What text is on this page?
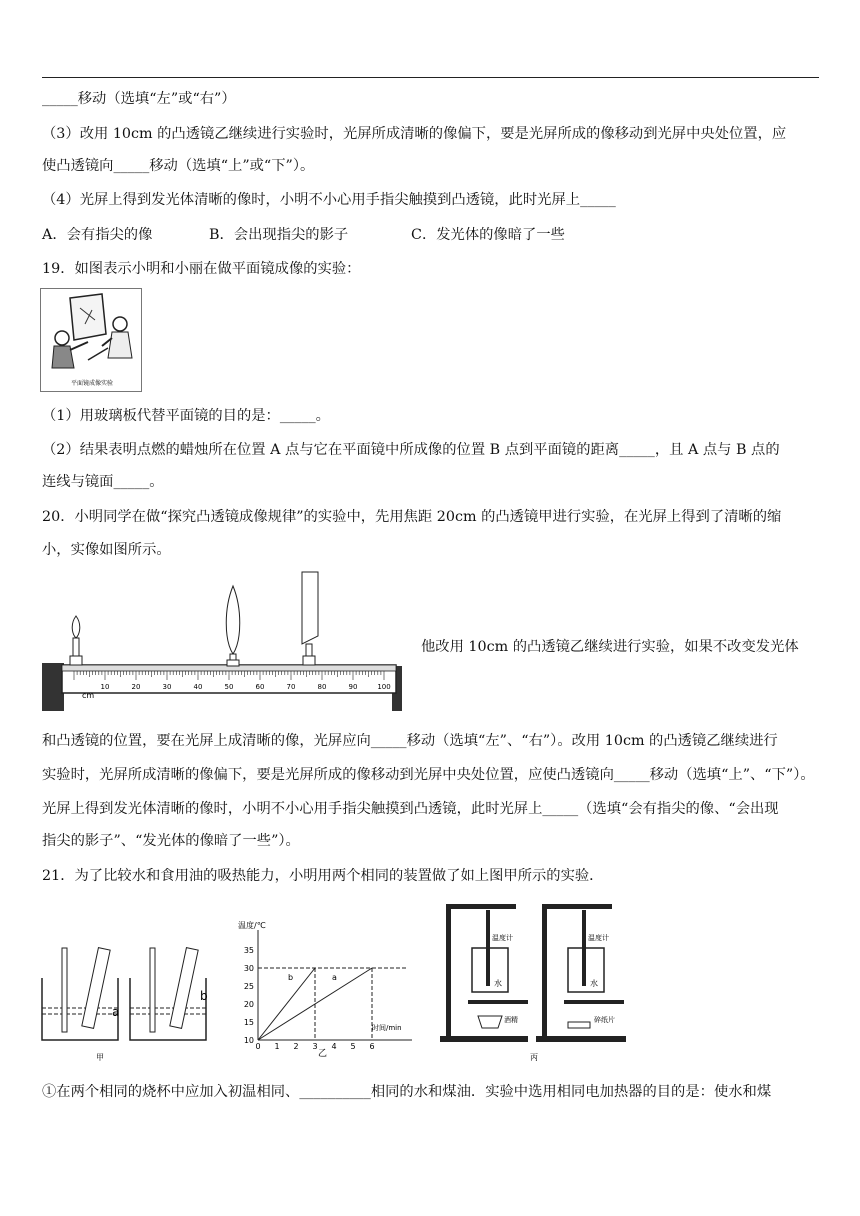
_____移动（选填“左”或“右”）
（3）改用 10cm 的凸透镜乙继续进行实验时，光屏所成清晰的像偏下，要是光屏所成的像移动到光屏中央处位置，应
使凸透镜向_____移动（选填“上”或“下”）。
（4）光屏上得到发光体清晰的像时，小明不小心用手指尖触摸到凸透镜，此时光屏上_____
A．会有指尖的像	B．会出现指尖的影子	C．发光体的像暗了一些
19．如图表示小明和小丽在做平面镜成像的实验：
平面镜成像实验
（1）用玻璃板代替平面镜的目的是：_____。
（2）结果表明点燃的蜡烛所在位置 A 点与它在平面镜中所成像的位置 B 点到平面镜的距离_____，且 A 点与 B 点的
连线与镜面_____。
20．小明同学在做“探究凸透镜成像规律”的实验中，先用焦距 20cm 的凸透镜甲进行实验，在光屏上得到了清晰的缩
小，实像如图所示。
10	20	30	40	50	60	70	80	90	100
cm
他改用 10cm 的凸透镜乙继续进行实验，如果不改变发光体
和凸透镜的位置，要在光屏上成清晰的像，光屏应向_____移动（选填“左”、“右”）。改用 10cm 的凸透镜乙继续进行
实验时，光屏所成清晰的像偏下，要是光屏所成的像移动到光屏中央处位置，应使凸透镜向_____移动（选填“上”、“下”）。
光屏上得到发光体清晰的像时，小明不小心用手指尖触摸到凸透镜，此时光屏上_____（选填“会有指尖的像、“会出现
指尖的影子”、“发光体的像暗了一些”）。
21．为了比较水和食用油的吸热能力，小明用两个相同的装置做了如上图甲所示的实验．
a
b
甲
温度/℃
10
15
20
25
30
35
0 1 2 3 4 5 6
b	a
时间/min
乙
温度计
水
酒精
温度计
水
碎纸片
丙
①在两个相同的烧杯中应加入初温相同、__________相同的水和煤油．实验中选用相同电加热器的目的是：使水和煤
